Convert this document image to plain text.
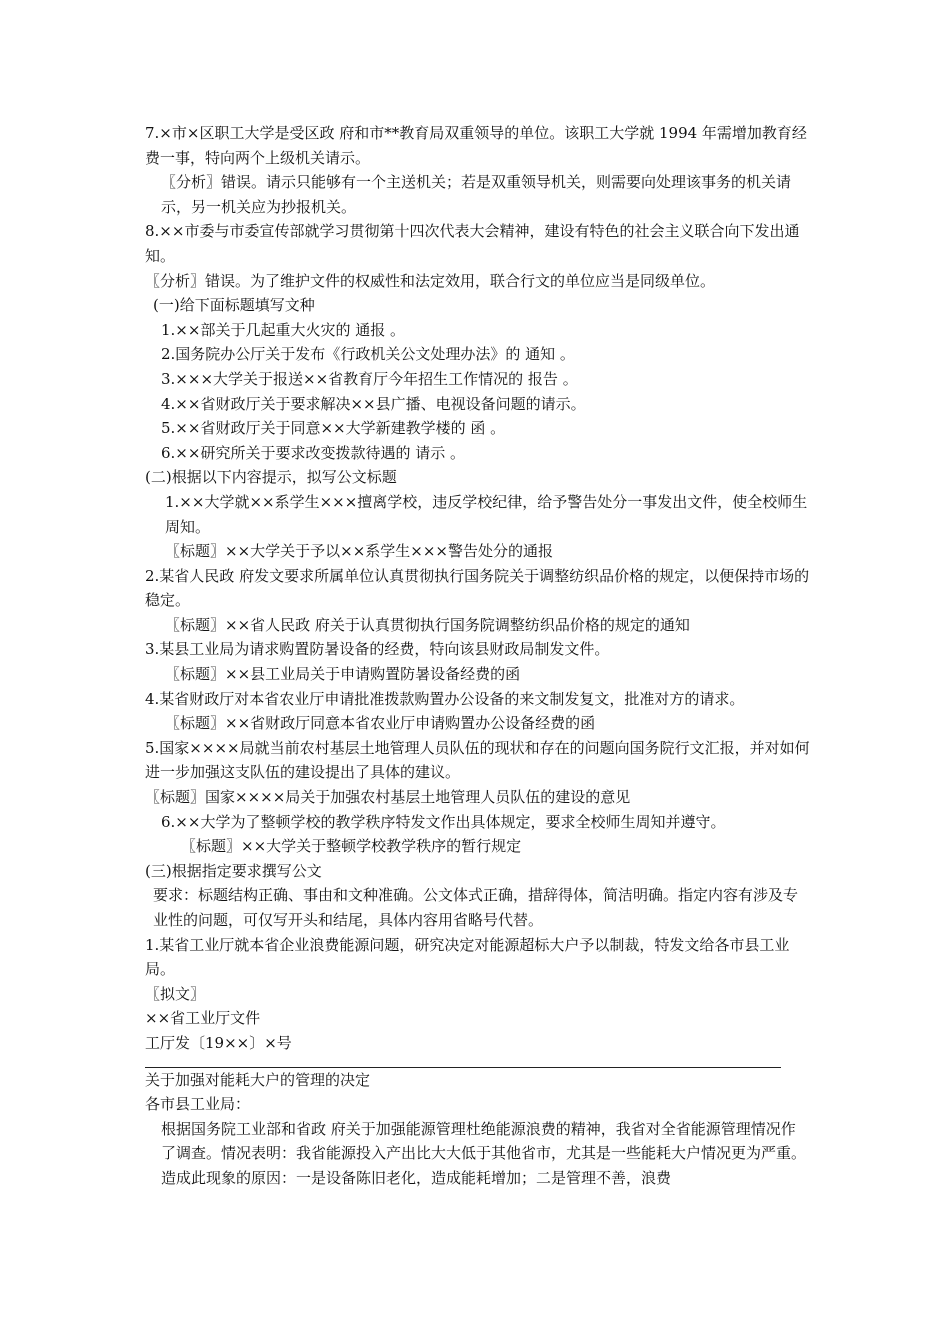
7.×市×区职工大学是受区政 府和市**教育局双重领导的单位。该职工大学就 1994 年需增加教育经费一事，特向两个上级机关请示。

〖分析〗错误。请示只能够有一个主送机关；若是双重领导机关，则需要向处理该事务的机关请示，另一机关应为抄报机关。

8.××市委与市委宣传部就学习贯彻第十四次代表大会精神，建设有特色的社会主义联合向下发出通知。

〖分析〗错误。为了维护文件的权威性和法定效用，联合行文的单位应当是同级单位。

(一)给下面标题填写文种

1.××部关于几起重大火灾的 通报 。

2.国务院办公厅关于发布《行政机关公文处理办法》的 通知 。

3.×××大学关于报送××省教育厅今年招生工作情况的 报告 。

4.××省财政厅关于要求解决××县广播、电视设备问题的请示。

5.××省财政厅关于同意××大学新建教学楼的 函 。

6.××研究所关于要求改变拨款待遇的 请示 。

(二)根据以下内容提示，拟写公文标题

1.××大学就××系学生×××擅离学校，违反学校纪律，给予警告处分一事发出文件，使全校师生周知。

〖标题〗××大学关于予以××系学生×××警告处分的通报

2.某省人民政 府发文要求所属单位认真贯彻执行国务院关于调整纺织品价格的规定，以便保持市场的稳定。

〖标题〗××省人民政 府关于认真贯彻执行国务院调整纺织品价格的规定的通知

3.某县工业局为请求购置防暑设备的经费，特向该县财政局制发文件。

〖标题〗××县工业局关于申请购置防暑设备经费的函

4.某省财政厅对本省农业厅申请批准拨款购置办公设备的来文制发复文，批准对方的请求。

〖标题〗××省财政厅同意本省农业厅申请购置办公设备经费的函

5.国家××××局就当前农村基层土地管理人员队伍的现状和存在的问题向国务院行文汇报，并对如何进一步加强这支队伍的建设提出了具体的建议。

〖标题〗国家××××局关于加强农村基层土地管理人员队伍的建设的意见

6.××大学为了整顿学校的教学秩序特发文作出具体规定，要求全校师生周知并遵守。

〖标题〗××大学关于整顿学校教学秩序的暂行规定

(三)根据指定要求撰写公文

要求：标题结构正确、事由和文种准确。公文体式正确，措辞得体，简洁明确。指定内容有涉及专业性的问题，可仅写开头和结尾，具体内容用省略号代替。

1.某省工业厅就本省企业浪费能源问题，研究决定对能源超标大户予以制裁，特发文给各市县工业局。

〖拟文〗

××省工业厅文件

工厅发〔19××〕×号

关于加强对能耗大户的管理的决定

各市县工业局：

根据国务院工业部和省政 府关于加强能源管理杜绝能源浪费的精神，我省对全省能源管理情况作了调查。情况表明：我省能源投入产出比大大低于其他省市，尤其是一些能耗大户情况更为严重。造成此现象的原因：一是设备陈旧老化，造成能耗增加；二是管理不善，浪费
